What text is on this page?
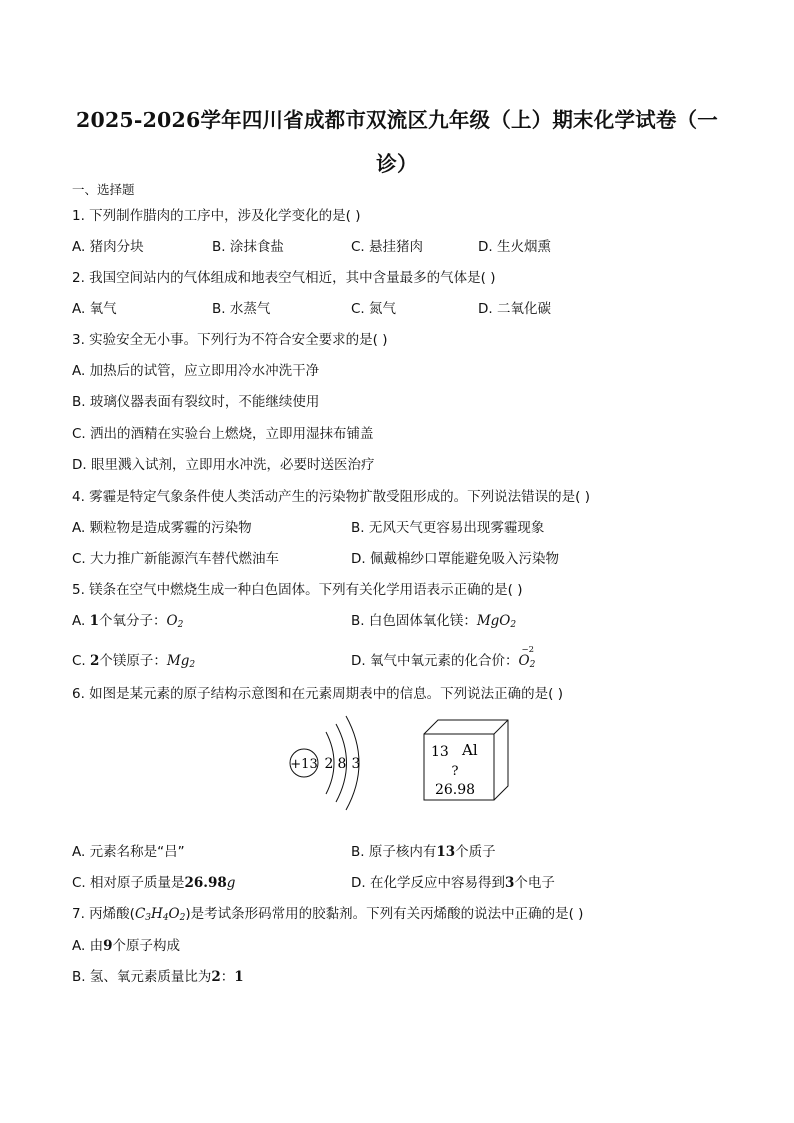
2025-2026学年四川省成都市双流区九年级（上）期末化学试卷（一
诊）
一、选择题
1. 下列制作腊肉的工序中，涉及化学变化的是( )
A. 猪肉分块	B. 涂抹食盐	C. 悬挂猪肉	D. 生火烟熏
2. 我国空间站内的气体组成和地表空气相近，其中含量最多的气体是( )
A. 氧气	B. 水蒸气	C. 氮气	D. 二氧化碳
3. 实验安全无小事。下列行为不符合安全要求的是( )
A. 加热后的试管，应立即用冷水冲洗干净
B. 玻璃仪器表面有裂纹时，不能继续使用
C. 洒出的酒精在实验台上燃烧，立即用湿抹布铺盖
D. 眼里溅入试剂，立即用水冲洗，必要时送医治疗
4. 雾霾是特定气象条件使人类活动产生的污染物扩散受阻形成的。下列说法错误的是( )
A. 颗粒物是造成雾霾的污染物	B. 无风天气更容易出现雾霾现象
C. 大力推广新能源汽车替代燃油车	D. 佩戴棉纱口罩能避免吸入污染物
5. 镁条在空气中燃烧生成一种白色固体。下列有关化学用语表示正确的是( )
A. 1个氧分子：$O_2$	B. 白色固体氧化镁：MgO$_2$
C. 2个镁原子：$Mg_2$	D. 氧气中氧元素的化合价：
−2
$O_2$
6. 如图是某元素的原子结构示意图和在元素周期表中的信息。下列说法正确的是( )
+13 2 8 3
13 Al
?
26.98
A. 元素名称是“吕”	B. 原子核内有13个质子
C. 相对原子质量是26.98g	D. 在化学反应中容易得到3个电子
7. 丙烯酸$(C_3H_4O_2)$是考试条形码常用的胶黏剂。下列有关丙烯酸的说法中正确的是( )
A. 由9个原子构成
B. 氢、氧元素质量比为2：1
